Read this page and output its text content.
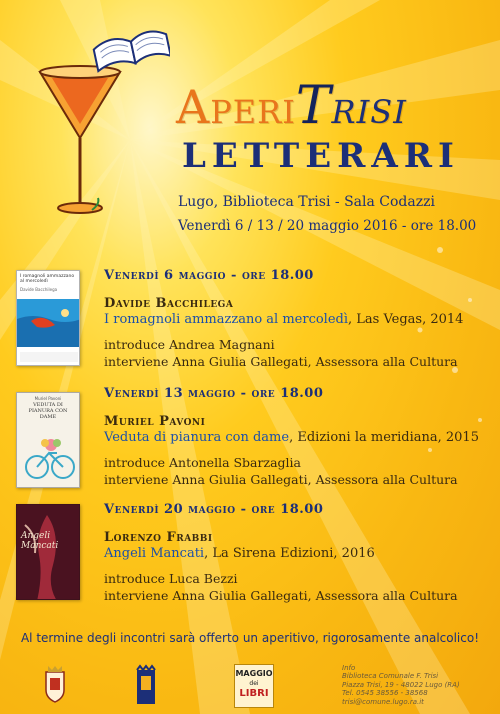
AperiTrisi
LETTERARI
Lugo, Biblioteca Trisi - Sala Codazzi
Venerdì 6 / 13 / 20 maggio 2016 - ore 18.00
I romagnoli ammazzano al mercoledì
Davide Bacchilega
Venerdì 6 maggio - ore 18.00
Davide Bacchilega
I romagnoli ammazzano al mercoledì, Las Vegas, 2014
introduce Andrea Magnani
interviene Anna Giulia Gallegati, Assessora alla Cultura
Muriel Pavoni
VEDUTA DI PIANURA CON DAME
Venerdì 13 maggio - ore 18.00
Muriel Pavoni
Veduta di pianura con dame, Edizioni la meridiana, 2015
introduce Antonella Sbarzaglia
interviene Anna Giulia Gallegati, Assessora alla Cultura
Angeli Mancati
Venerdì 20 maggio - ore 18.00
Lorenzo Frabbi
Angeli Mancati, La Sirena Edizioni, 2016
introduce Luca Bezzi
interviene Anna Giulia Gallegati, Assessora alla Cultura
Al termine degli incontri sarà offerto un aperitivo, rigorosamente analcolico!
MAGGIO
dei
LIBRI
Info
Biblioteca Comunale F. Trisi
Piazza Trisi, 19 - 48022 Lugo (RA)
Tel. 0545 38556 - 38568
trisi@comune.lugo.ra.it
